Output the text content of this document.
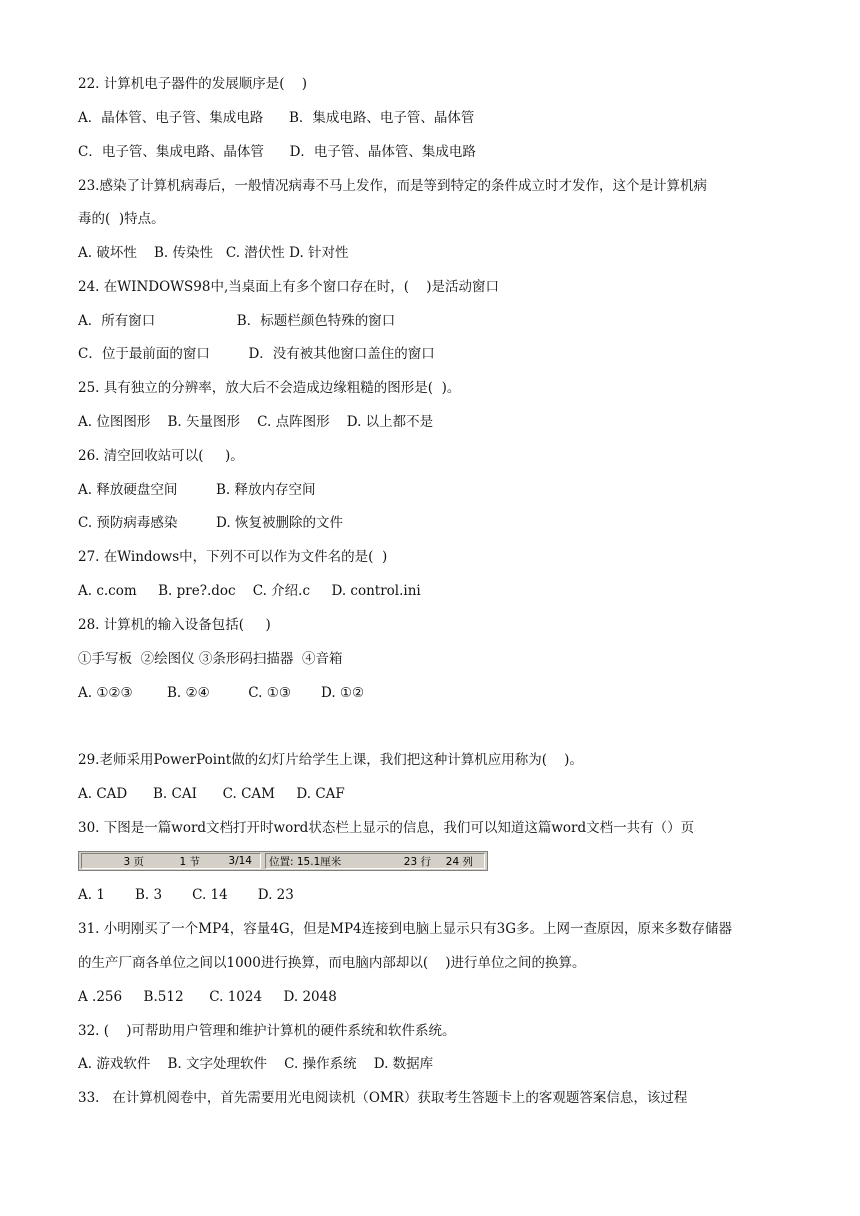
22. 计算机电子器件的发展顺序是(    )
A．晶体管、电子管、集成电路      B．集成电路、电子管、晶体管
C．电子管、集成电路、晶体管      D．电子管、晶体管、集成电路
23.感染了计算机病毒后，一般情况病毒不马上发作，而是等到特定的条件成立时才发作，这个是计算机病
毒的(  )特点。
A. 破坏性    B. 传染性   C. 潜伏性 D. 针对性
24. 在WINDOWS98中,当桌面上有多个窗口存在时，(    )是活动窗口
A．所有窗口                   B．标题栏颜色特殊的窗口
C．位于最前面的窗口         D．没有被其他窗口盖住的窗口
25. 具有独立的分辨率，放大后不会造成边缘粗糙的图形是(  )。
A. 位图图形    B. 矢量图形    C. 点阵图形    D. 以上都不是
26. 清空回收站可以(     )。
A. 释放硬盘空间         B. 释放内存空间
C. 预防病毒感染         D. 恢复被删除的文件
27. 在Windows中，下列不可以作为文件名的是(  )
A. c.com     B. pre?.doc    C. 介绍.c     D. control.ini
28. 计算机的输入设备包括(     )
①手写板  ②绘图仪 ③条形码扫描器  ④音箱
A. ①②③        B. ②④         C. ①③       D. ①②
29.老师采用PowerPoint做的幻灯片给学生上课，我们把这种计算机应用称为(    )。
A. CAD      B. CAI      C. CAM     D. CAF
30. 下图是一篇word文档打开时word状态栏上显示的信息，我们可以知道这篇word文档一共有（）页
3 页	1 节	3/14 位置: 15.1厘米	23 行	24 列
A. 1       B. 3       C. 14       D. 23
31. 小明刚买了一个MP4，容量4G，但是MP4连接到电脑上显示只有3G多。上网一查原因，原来多数存储器
的生产厂商各单位之间以1000进行换算，而电脑内部却以(    )进行单位之间的换算。
A .256     B.512      C. 1024     D. 2048
32. (    )可帮助用户管理和维护计算机的硬件系统和软件系统。
A. 游戏软件    B. 文字处理软件    C. 操作系统    D. 数据库
33.   在计算机阅卷中，首先需要用光电阅读机（OMR）获取考生答题卡上的客观题答案信息，该过程
